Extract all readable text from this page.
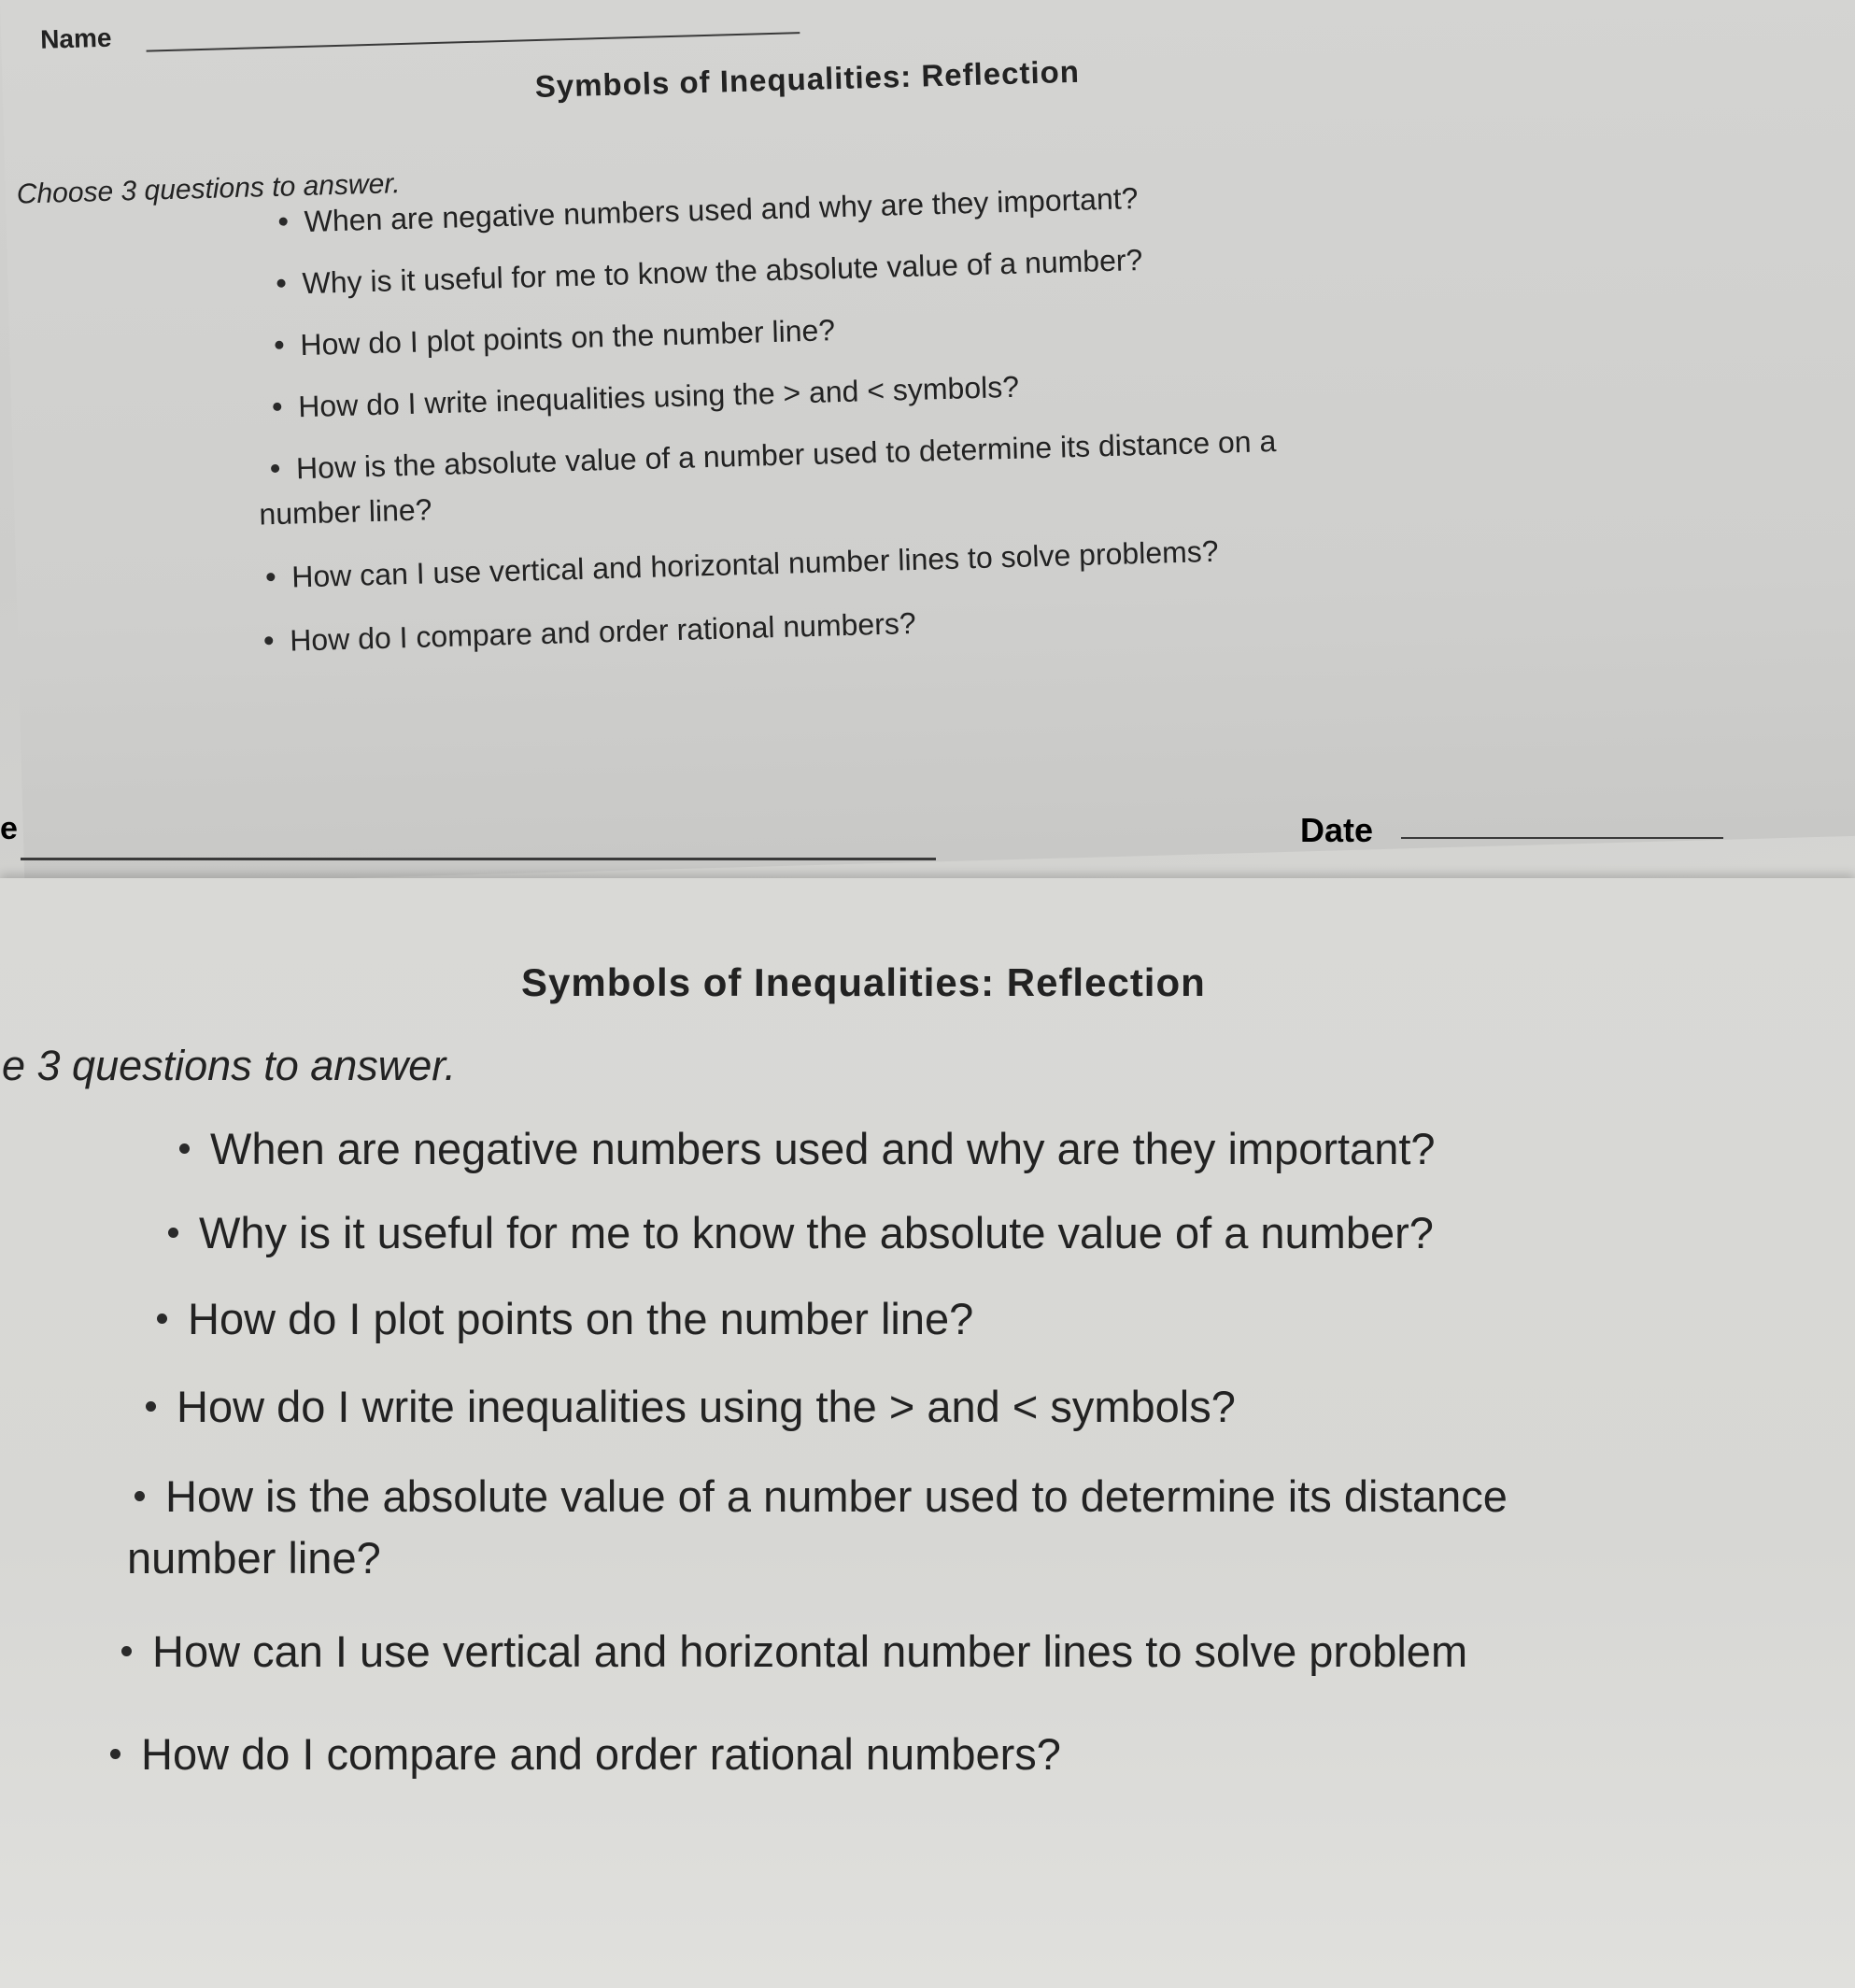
Name
Symbols of Inequalities: Reflection
Choose 3 questions to answer.
When are negative numbers used and why are they important?
Why is it useful for me to know the absolute value of a number?
How do I plot points on the number line?
How do I write inequalities using the > and < symbols?
How is the absolute value of a number used to determine its distance on a
number line?
How can I use vertical and horizontal number lines to solve problems?
How do I compare and order rational numbers?
e	Date
Symbols of Inequalities: Reflection
e 3 questions to answer.
When are negative numbers used and why are they important?
Why is it useful for me to know the absolute value of a number?
How do I plot points on the number line?
How do I write inequalities using the > and < symbols?
How is the absolute value of a number used to determine its distance
number line?
How can I use vertical and horizontal number lines to solve problem
How do I compare and order rational numbers?
